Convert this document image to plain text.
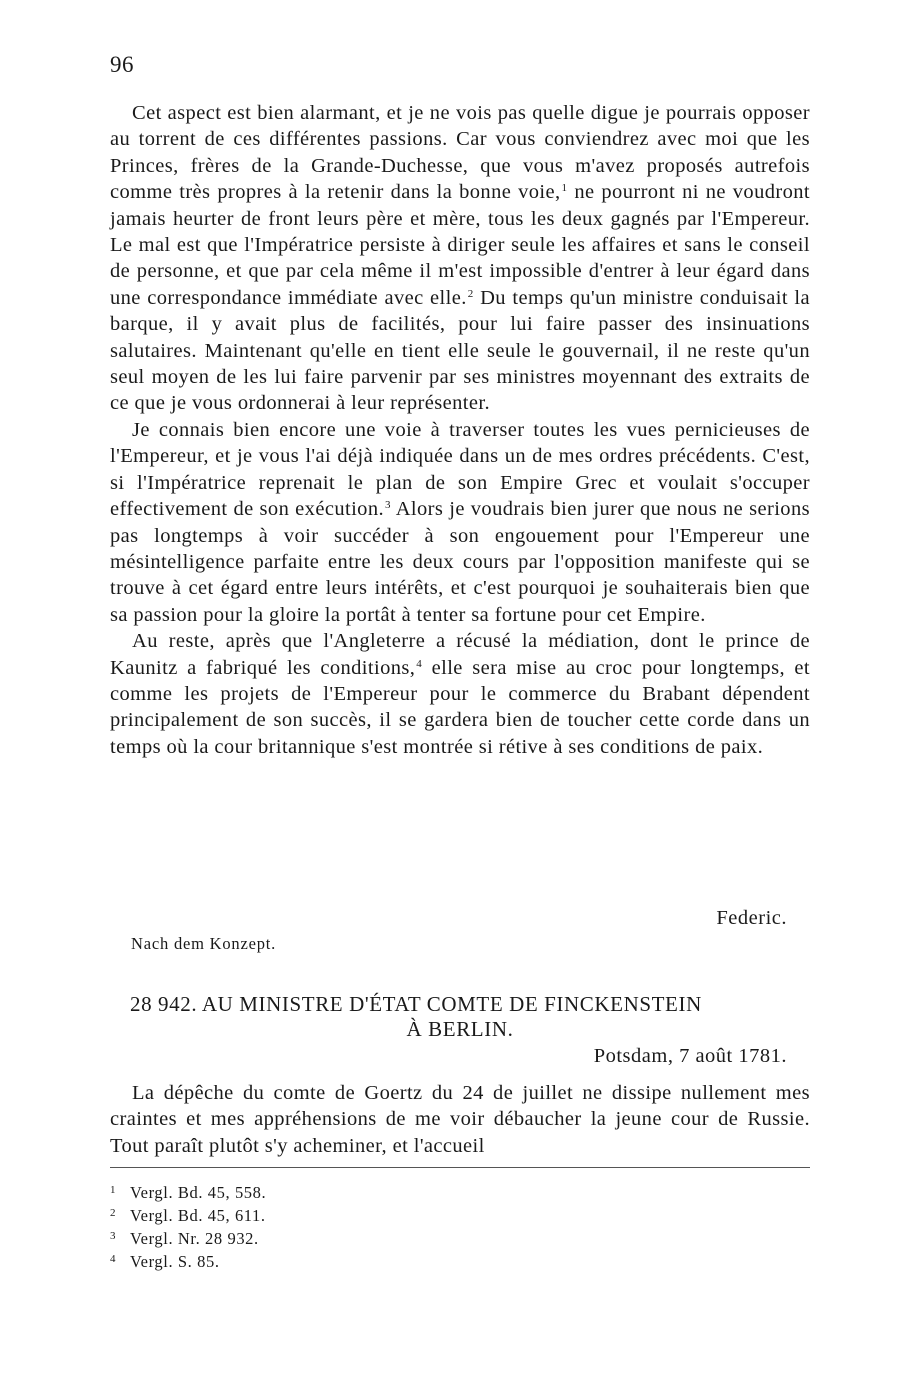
96

Cet aspect est bien alarmant, et je ne vois pas quelle digue je pourrais opposer au torrent de ces différentes passions. Car vous conviendrez avec moi que les Princes, frères de la Grande-Duchesse, que vous m'avez proposés autrefois comme très propres à la retenir dans la bonne voie,$^1$ ne pourront ni ne voudront jamais heurter de front leurs père et mère, tous les deux gagnés par l'Empereur. Le mal est que l'Impératrice persiste à diriger seule les affaires et sans le conseil de personne, et que par cela même il m'est impossible d'entrer à leur égard dans une correspondance immédiate avec elle.$^2$ Du temps qu'un ministre conduisait la barque, il y avait plus de facilités, pour lui faire passer des insinuations salutaires. Maintenant qu'elle en tient elle seule le gouvernail, il ne reste qu'un seul moyen de les lui faire parvenir par ses ministres moyennant des extraits de ce que je vous ordonnerai à leur représenter.

Je connais bien encore une voie à traverser toutes les vues pernicieuses de l'Empereur, et je vous l'ai déjà indiquée dans un de mes ordres précédents. C'est, si l'Impératrice reprenait le plan de son Empire Grec et voulait s'occuper effectivement de son exécution.$^3$ Alors je voudrais bien jurer que nous ne serions pas longtemps à voir succéder à son engouement pour l'Empereur une mésintelligence parfaite entre les deux cours par l'opposition manifeste qui se trouve à cet égard entre leurs intérêts, et c'est pourquoi je souhaiterais bien que sa passion pour la gloire la portât à tenter sa fortune pour cet Empire.

Au reste, après que l'Angleterre a récusé la médiation, dont le prince de Kaunitz a fabriqué les conditions,$^4$ elle sera mise au croc pour longtemps, et comme les projets de l'Empereur pour le commerce du Brabant dépendent principalement de son succès, il se gardera bien de toucher cette corde dans un temps où la cour britannique s'est montrée si rétive à ses conditions de paix.

Federic.
Nach dem Konzept.
28 942. AU MINISTRE D'ÉTAT COMTE DE FINCKENSTEIN
À BERLIN.
Potsdam, 7 août 1781.

La dépêche du comte de Goertz du 24 de juillet ne dissipe nullement mes craintes et mes appréhensions de me voir débaucher la jeune cour de Russie. Tout paraît plutôt s'y acheminer, et l'accueil

1 Vergl. Bd. 45, 558.
2 Vergl. Bd. 45, 611.
3 Vergl. Nr. 28 932.
4 Vergl. S. 85.
